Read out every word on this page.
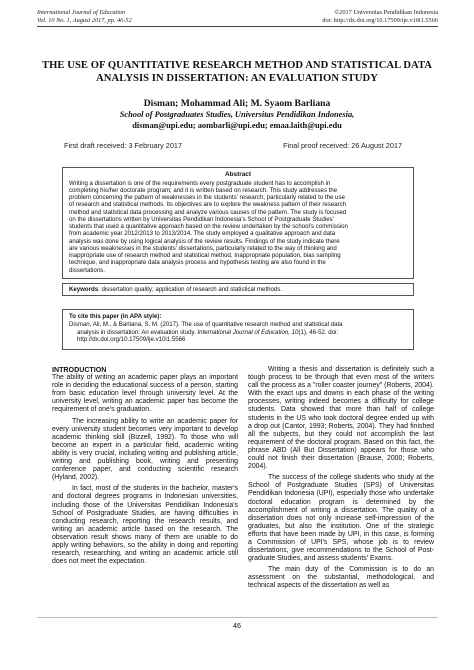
International Journal of Education
Vol. 10 No. 1, August 2017, pp. 46-52
©2017 Universitas Pendidikan Indonesia
doi: http://dx.doi.org/10.17509/ije.v10i1.5566
THE USE OF QUANTITATIVE RESEARCH METHOD AND STATISTICAL DATA
ANALYSIS IN DISSERTATION: AN EVALUATION STUDY
Disman; Mohammad Ali; M. Syaom Barliana
School of Postgraduates Studies, Universitas Pendidikan Indonesia,
disman@upi.edu; aombarli@upi.edu; emaa.laith@upi.edu
First draft received: 3 February 2017	Final proof received: 26 August 2017
Abstract
Writing a dissertation is one of the requirements every postgraduate student has to accomplish in
completing his/her doctorate program; and it is written based on research. This study addresses the
problem concerning the pattern of weaknesses in the students' research, particularly related to the use
of research and statistical methods. Its objectives are to explore the weakness pattern of their research
method and statistical data processing and analyze various causes of the pattern. The study is focused
on the dissertations written by Universitas Pendidikan Indonesia's School of Postgraduate Studies'
students that used a quantitative approach based on the review undertaken by the school's commission
from academic year 2012/2013 to 2013/2014. The study employed a qualitative approach and data
analysis was done by using logical analysis of the review results. Findings of the study indicate there
are various weaknesses in the students' dissertations, particularly related to the way of thinking and
inappropriate use of research method and statistical method. Inappropriate population, bias sampling
technique, and inappropriate data analysis process and hypothesis testing are also found in the
dissertations.
Keywords: dissertation quality; application of research and statistical methods.
To cite this paper (in APA style):
Disman, Ali, M., & Barliana, S. M. (2017). The use of quantitative research method and statistical data
analysis in dissertation: An evaluation study. International Journal of Education, 10(1), 46-52. doi:
http://dx.doi.org/10.17509/ije.v10i1.5566
INTRODUCTION

The ability of writing an academic paper plays an important role in deciding the educational success of a person, starting from basic education level through university level. At the university level, writing an academic paper has become the requirement of one's graduation.

The increasing ability to write an academic paper for every university student becomes very important to develop academic thinking skill (Bizzell, 1992). To those who will become an expert in a particular field, academic writing ability is very crucial, including writing and publishing article, writing and publishing book, writing and presenting conference paper, and conducting scientific research (Hyland, 2002).

In fact, most of the students in the bachelor, master's and doctoral degrees programs in Indonesian universities, including those of the Universitas Pendidikan Indonesia's School of Postgraduate Studies, are having difficulties in conducting research, reporting the research results, and writing an academic article based on the research. The observation result shows many of them are unable to do apply writing behaviors, so the ability in doing and reporting research, researching, and writing an academic article still does not meet the expectation.

Writing a thesis and dissertation is definitely such a tough process to be through that even most of the writers call the process as a "roller coaster journey" (Roberts, 2004). With the exact ups and downs in each phase of the writing processes, writing indeed becomes a difficulty for college students. Data showed that more than half of college students in the US who took doctoral degree ended up with a drop out (Cantor, 1993; Roberts, 2004). They had finished all the subjects, but they could not accomplish the last requirement of the doctoral program. Based on this fact, the phrase ABD (All But Dissertation) appears for those who could not finish their dissertation (Brause, 2000; Roberts, 2004).

The success of the college students who study at the School of Postgraduate Studies (SPS) of Universitas Pendidikan Indonesia (UPI), especially those who undertake doctoral education program is determined by the accomplishment of writing a dissertation. The quality of a dissertation does not only increase self-impression of the graduates, but also the institution. One of the strategic efforts that have been made by UPI, in this case, is forming a Commission of UPI's SPS, whose job is to review dissertations, give recommendations to the School of Post-graduate Studies, and assess students' Exams.

The main duty of the Commission is to do an assessment on the substantial, methodological, and technical aspects of the dissertation as well as

46
